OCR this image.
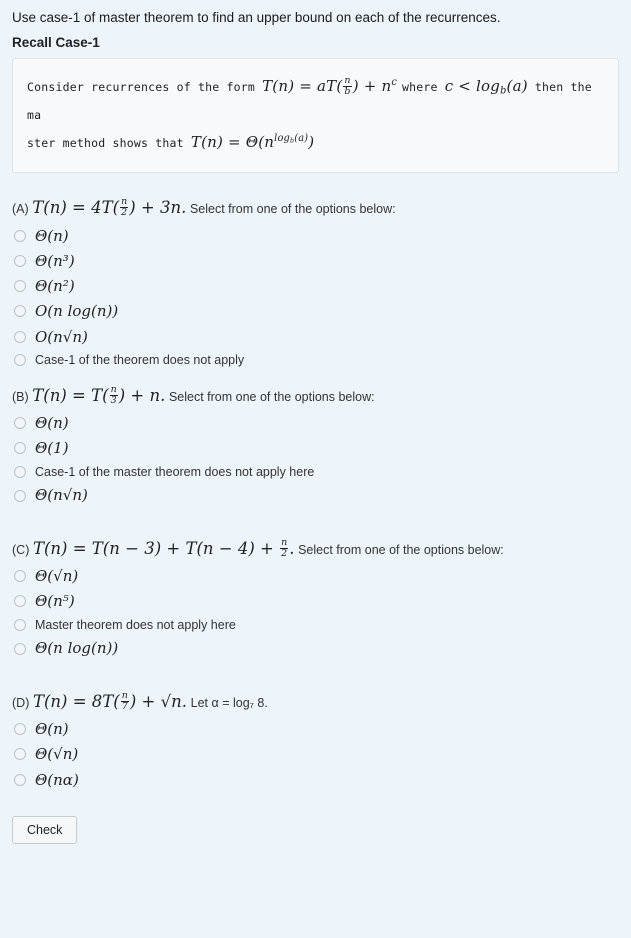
Use case-1 of master theorem to find an upper bound on each of the recurrences.
Recall Case-1
Consider recurrences of the form $T(n) = aT( \frac{n}{b}$ ) + $n^c$ where $c < \log_b(a)$ then the ma
ster method shows that $T(n) = \Theta(n^{log_b(a)})$
(A) $T(n) = 4T( \frac{n}{2}$ ) + 3n. Select from one of the options below:
Θ(n)
Θ(n³)
Θ(n²)
O(n log(n))
O(n√n)
Case-1 of the theorem does not apply
(B) $T(n) = T( \frac{n}{3}$ ) + n. Select from one of the options below:
Θ(n)
Θ(1)
Case-1 of the master theorem does not apply here
Θ(n√n)
(C) $T(n) = T(n - 3) + T(n - 4) + \frac{n}{2}$ . Select from one of the options below:
Θ(√n)
Θ(n⁵)
Master theorem does not apply here
Θ(n log(n))
(D) $T(n) = 8T( \frac{n}{7}$ ) + √n. Let α = log₇ 8.
Θ(n)
Θ(√n)
Θ(nα)
Check
